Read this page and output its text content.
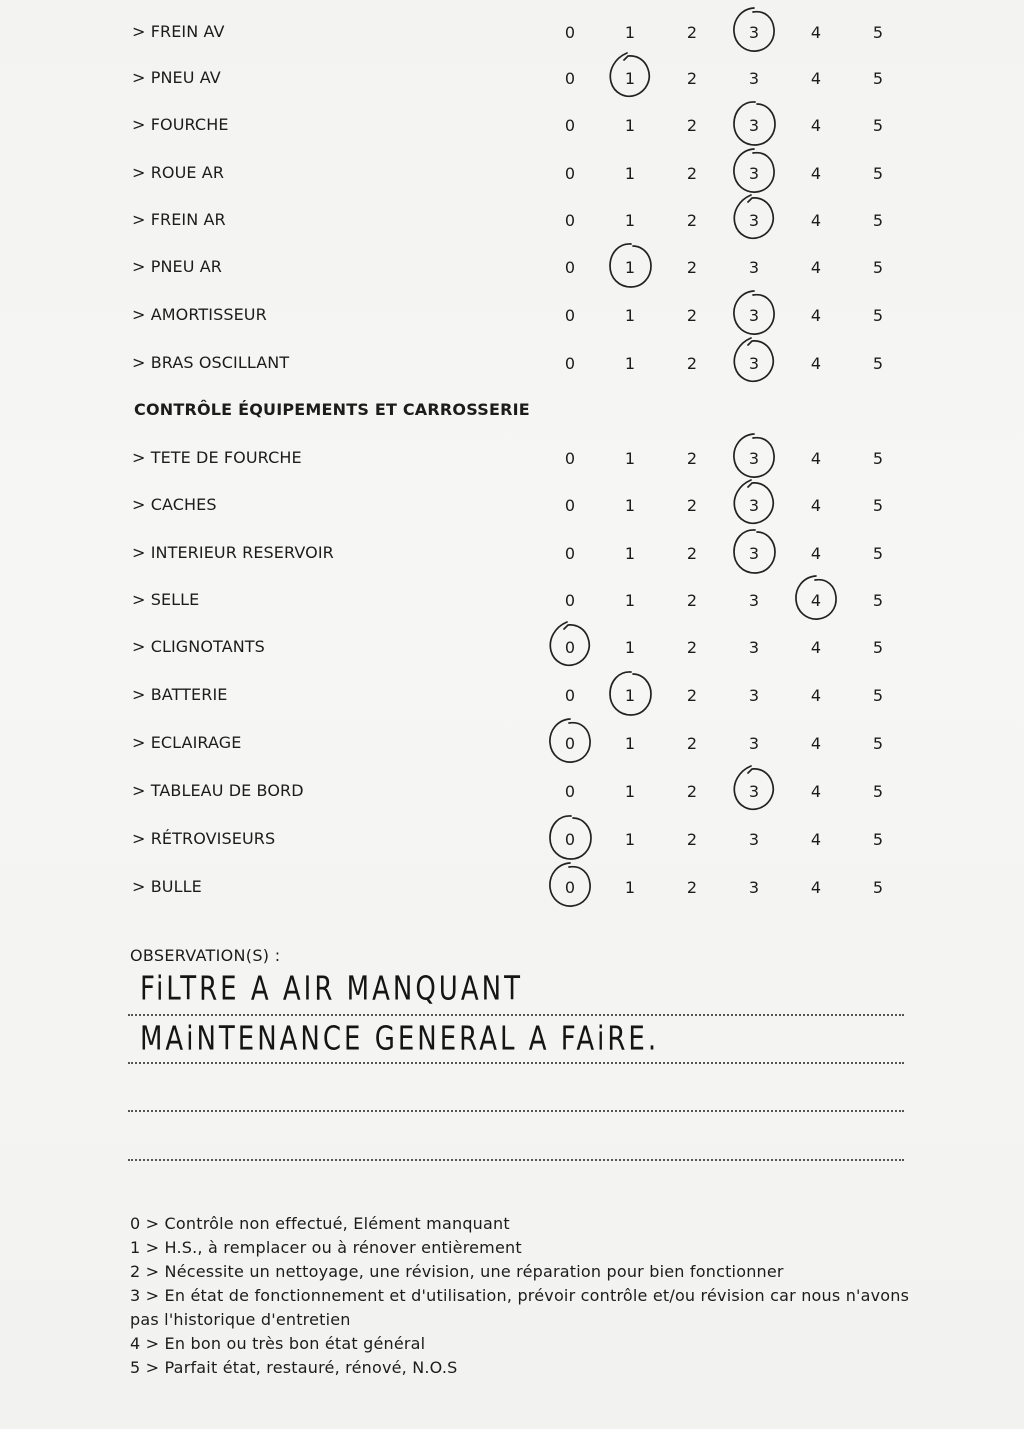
> FREIN AV	0	1	2	3	4	5
> PNEU AV	0	1	2	3	4	5
> FOURCHE	0	1	2	3	4	5
> ROUE AR	0	1	2	3	4	5
> FREIN AR	0	1	2	3	4	5
> PNEU AR	0	1	2	3	4	5
> AMORTISSEUR	0	1	2	3	4	5
> BRAS OSCILLANT	0	1	2	3	4	5
CONTRÔLE ÉQUIPEMENTS ET CARROSSERIE
> TETE DE FOURCHE	0	1	2	3	4	5
> CACHES	0	1	2	3	4	5
> INTERIEUR RESERVOIR	0	1	2	3	4	5
> SELLE	0	1	2	3	4	5
> CLIGNOTANTS	0	1	2	3	4	5
> BATTERIE	0	1	2	3	4	5
> ECLAIRAGE	0	1	2	3	4	5
> TABLEAU DE BORD	0	1	2	3	4	5
> RÉTROVISEURS	0	1	2	3	4	5
> BULLE	0	1	2	3	4	5
OBSERVATION(S) :
FiLTRE A AIR MANQUANT
MAiNTENANCE GENERAL A FAiRE.
0 > Contrôle non effectué, Elément manquant
1 > H.S., à remplacer ou à rénover entièrement
2 > Nécessite un nettoyage, une révision, une réparation pour bien fonctionner
3 > En état de fonctionnement et d'utilisation, prévoir contrôle et/ou révision car nous n'avons pas l'historique d'entretien
4 > En bon ou très bon état général
5 > Parfait état, restauré, rénové, N.O.S
